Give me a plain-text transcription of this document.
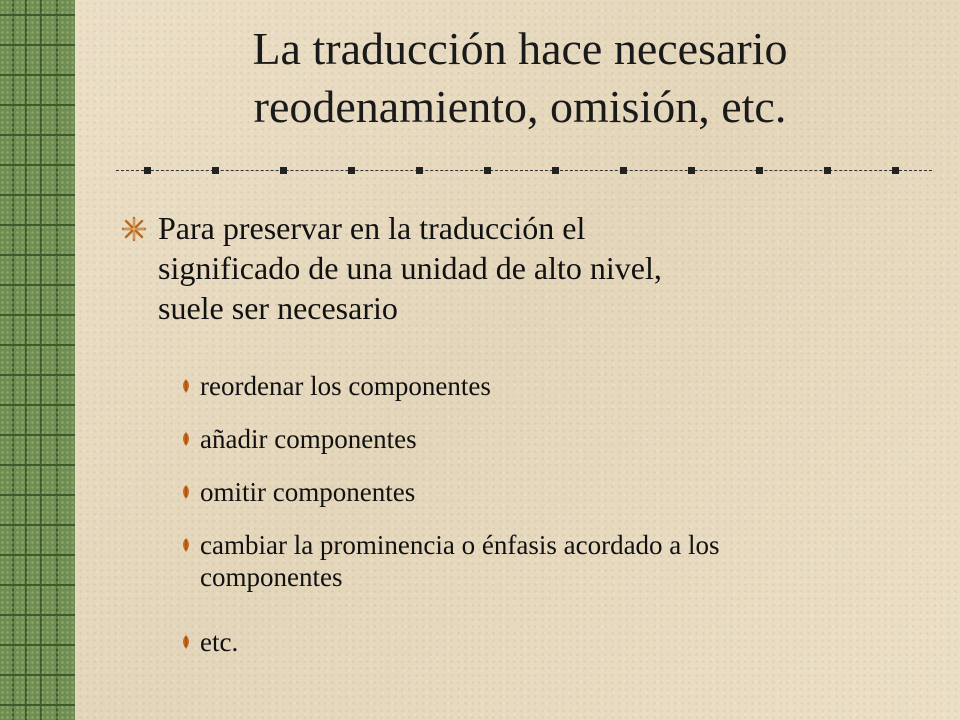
La traducción hace necesario
reodenamiento, omisión, etc.
Para preservar en la traducción el
significado de una unidad de alto nivel,
suele ser necesario
reordenar los componentes
añadir componentes
omitir componentes
cambiar la prominencia o énfasis acordado a los
componentes
etc.
